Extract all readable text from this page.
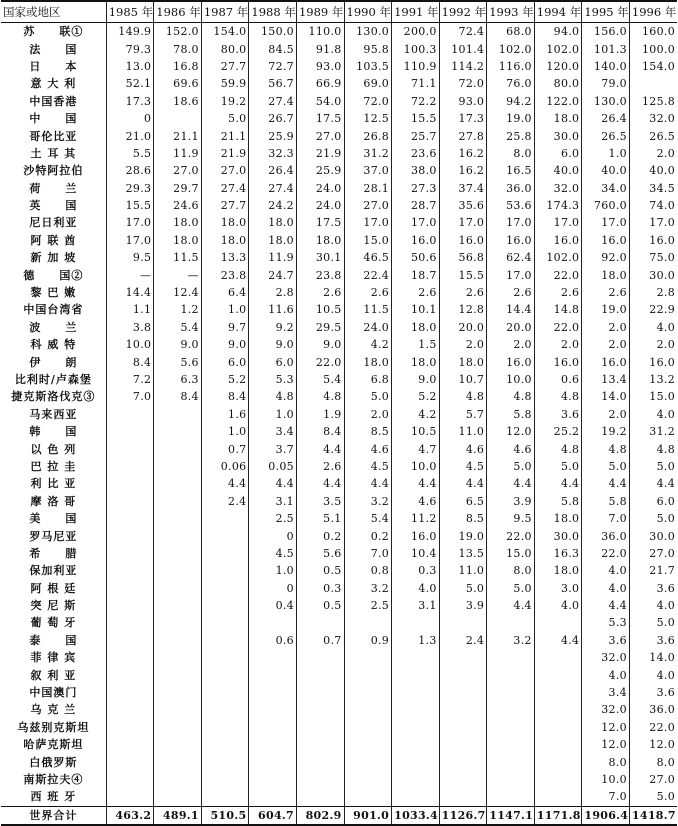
国家或地区	1985 年	1986 年	1987 年	1988 年	1989 年	1990 年	1991 年	1992 年	1993 年	1994 年	1995 年	1996 年
苏　　联①	149.9	152.0	154.0	150.0	110.0	130.0	200.0	72.4	68.0	94.0	156.0	160.0
法　　国	79.3	78.0	80.0	84.5	91.8	95.8	100.3	101.4	102.0	102.0	101.3	100.0
日　　本	13.0	16.8	27.7	72.7	93.0	103.5	110.9	114.2	116.0	120.0	140.0	154.0
意 大 利	52.1	69.6	59.9	56.7	66.9	69.0	71.1	72.0	76.0	80.0	79.0	
中国香港	17.3	18.6	19.2	27.4	54.0	72.0	72.2	93.0	94.2	122.0	130.0	125.8
中　　国	0		5.0	26.7	17.5	12.5	15.5	17.3	19.0	18.0	26.4	32.0
哥伦比亚	21.0	21.1	21.1	25.9	27.0	26.8	25.7	27.8	25.8	30.0	26.5	26.5
土 耳 其	5.5	11.9	21.9	32.3	21.9	31.2	23.6	16.2	8.0	6.0	1.0	2.0
沙特阿拉伯	28.6	27.0	27.0	26.4	25.9	37.0	38.0	16.2	16.5	40.0	40.0	40.0
荷　　兰	29.3	29.7	27.4	27.4	24.0	28.1	27.3	37.4	36.0	32.0	34.0	34.5
英　　国	15.5	24.6	27.7	24.2	24.0	27.0	28.7	35.6	53.6	174.3	760.0	74.0
尼日利亚	17.0	18.0	18.0	18.0	17.5	17.0	17.0	17.0	17.0	17.0	17.0	17.0
阿 联 酋	17.0	18.0	18.0	18.0	18.0	15.0	16.0	16.0	16.0	16.0	16.0	16.0
新 加 坡	9.5	11.5	13.3	11.9	30.1	46.5	50.6	56.8	62.4	102.0	92.0	75.0
德　　国②	—	—	23.8	24.7	23.8	22.4	18.7	15.5	17.0	22.0	18.0	30.0
黎 巴 嫩	14.4	12.4	6.4	2.8	2.6	2.6	2.6	2.6	2.6	2.6	2.6	2.8
中国台湾省	1.1	1.2	1.0	11.6	10.5	11.5	10.1	12.8	14.4	14.8	19.0	22.9
波　　兰	3.8	5.4	9.7	9.2	29.5	24.0	18.0	20.0	20.0	22.0	2.0	4.0
科 威 特	10.0	9.0	9.0	9.0	9.0	4.2	1.5	2.0	2.0	2.0	2.0	2.0
伊　　朗	8.4	5.6	6.0	6.0	22.0	18.0	18.0	18.0	16.0	16.0	16.0	16.0
比利时/卢森堡	7.2	6.3	5.2	5.3	5.4	6.8	9.0	10.7	10.0	0.6	13.4	13.2
捷克斯洛伐克③	7.0	8.4	8.4	4.8	4.8	5.0	5.2	4.8	4.8	4.8	14.0	15.0
马来西亚			1.6	1.0	1.9	2.0	4.2	5.7	5.8	3.6	2.0	4.0
韩　　国			1.0	3.4	8.4	8.5	10.5	11.0	12.0	25.2	19.2	31.2
以 色 列			0.7	3.7	4.4	4.6	4.7	4.6	4.6	4.8	4.8	4.8
巴 拉 圭			0.06	0.05	2.6	4.5	10.0	4.5	5.0	5.0	5.0	5.0
利 比 亚			4.4	4.4	4.4	4.4	4.4	4.4	4.4	4.4	4.4	4.4
摩 洛 哥			2.4	3.1	3.5	3.2	4.6	6.5	3.9	5.8	5.8	6.0
美　　国				2.5	5.1	5.4	11.2	8.5	9.5	18.0	7.0	5.0
罗马尼亚				0	0.2	0.2	16.0	19.0	22.0	30.0	36.0	30.0
希　　腊				4.5	5.6	7.0	10.4	13.5	15.0	16.3	22.0	27.0
保加利亚				1.0	0.5	0.8	0.3	11.0	8.0	18.0	4.0	21.7
阿 根 廷				0	0.3	3.2	4.0	5.0	5.0	3.0	4.0	3.6
突 尼 斯				0.4	0.5	2.5	3.1	3.9	4.4	4.0	4.4	4.0
葡 萄 牙											5.3	5.0
泰　　国				0.6	0.7	0.9	1.3	2.4	3.2	4.4	3.6	3.6
菲 律 宾											32.0	14.0
叙 利 亚											4.0	4.0
中国澳门											3.4	3.6
乌 克 兰											32.0	36.0
乌兹别克斯坦											12.0	22.0
哈萨克斯坦											12.0	12.0
白俄罗斯											8.0	8.0
南斯拉夫④											10.0	27.0
西 班 牙											7.0	5.0
世界合计	463.2	489.1	510.5	604.7	802.9	901.0	1033.4	1126.7	1147.1	1171.8	1906.4	1418.7
